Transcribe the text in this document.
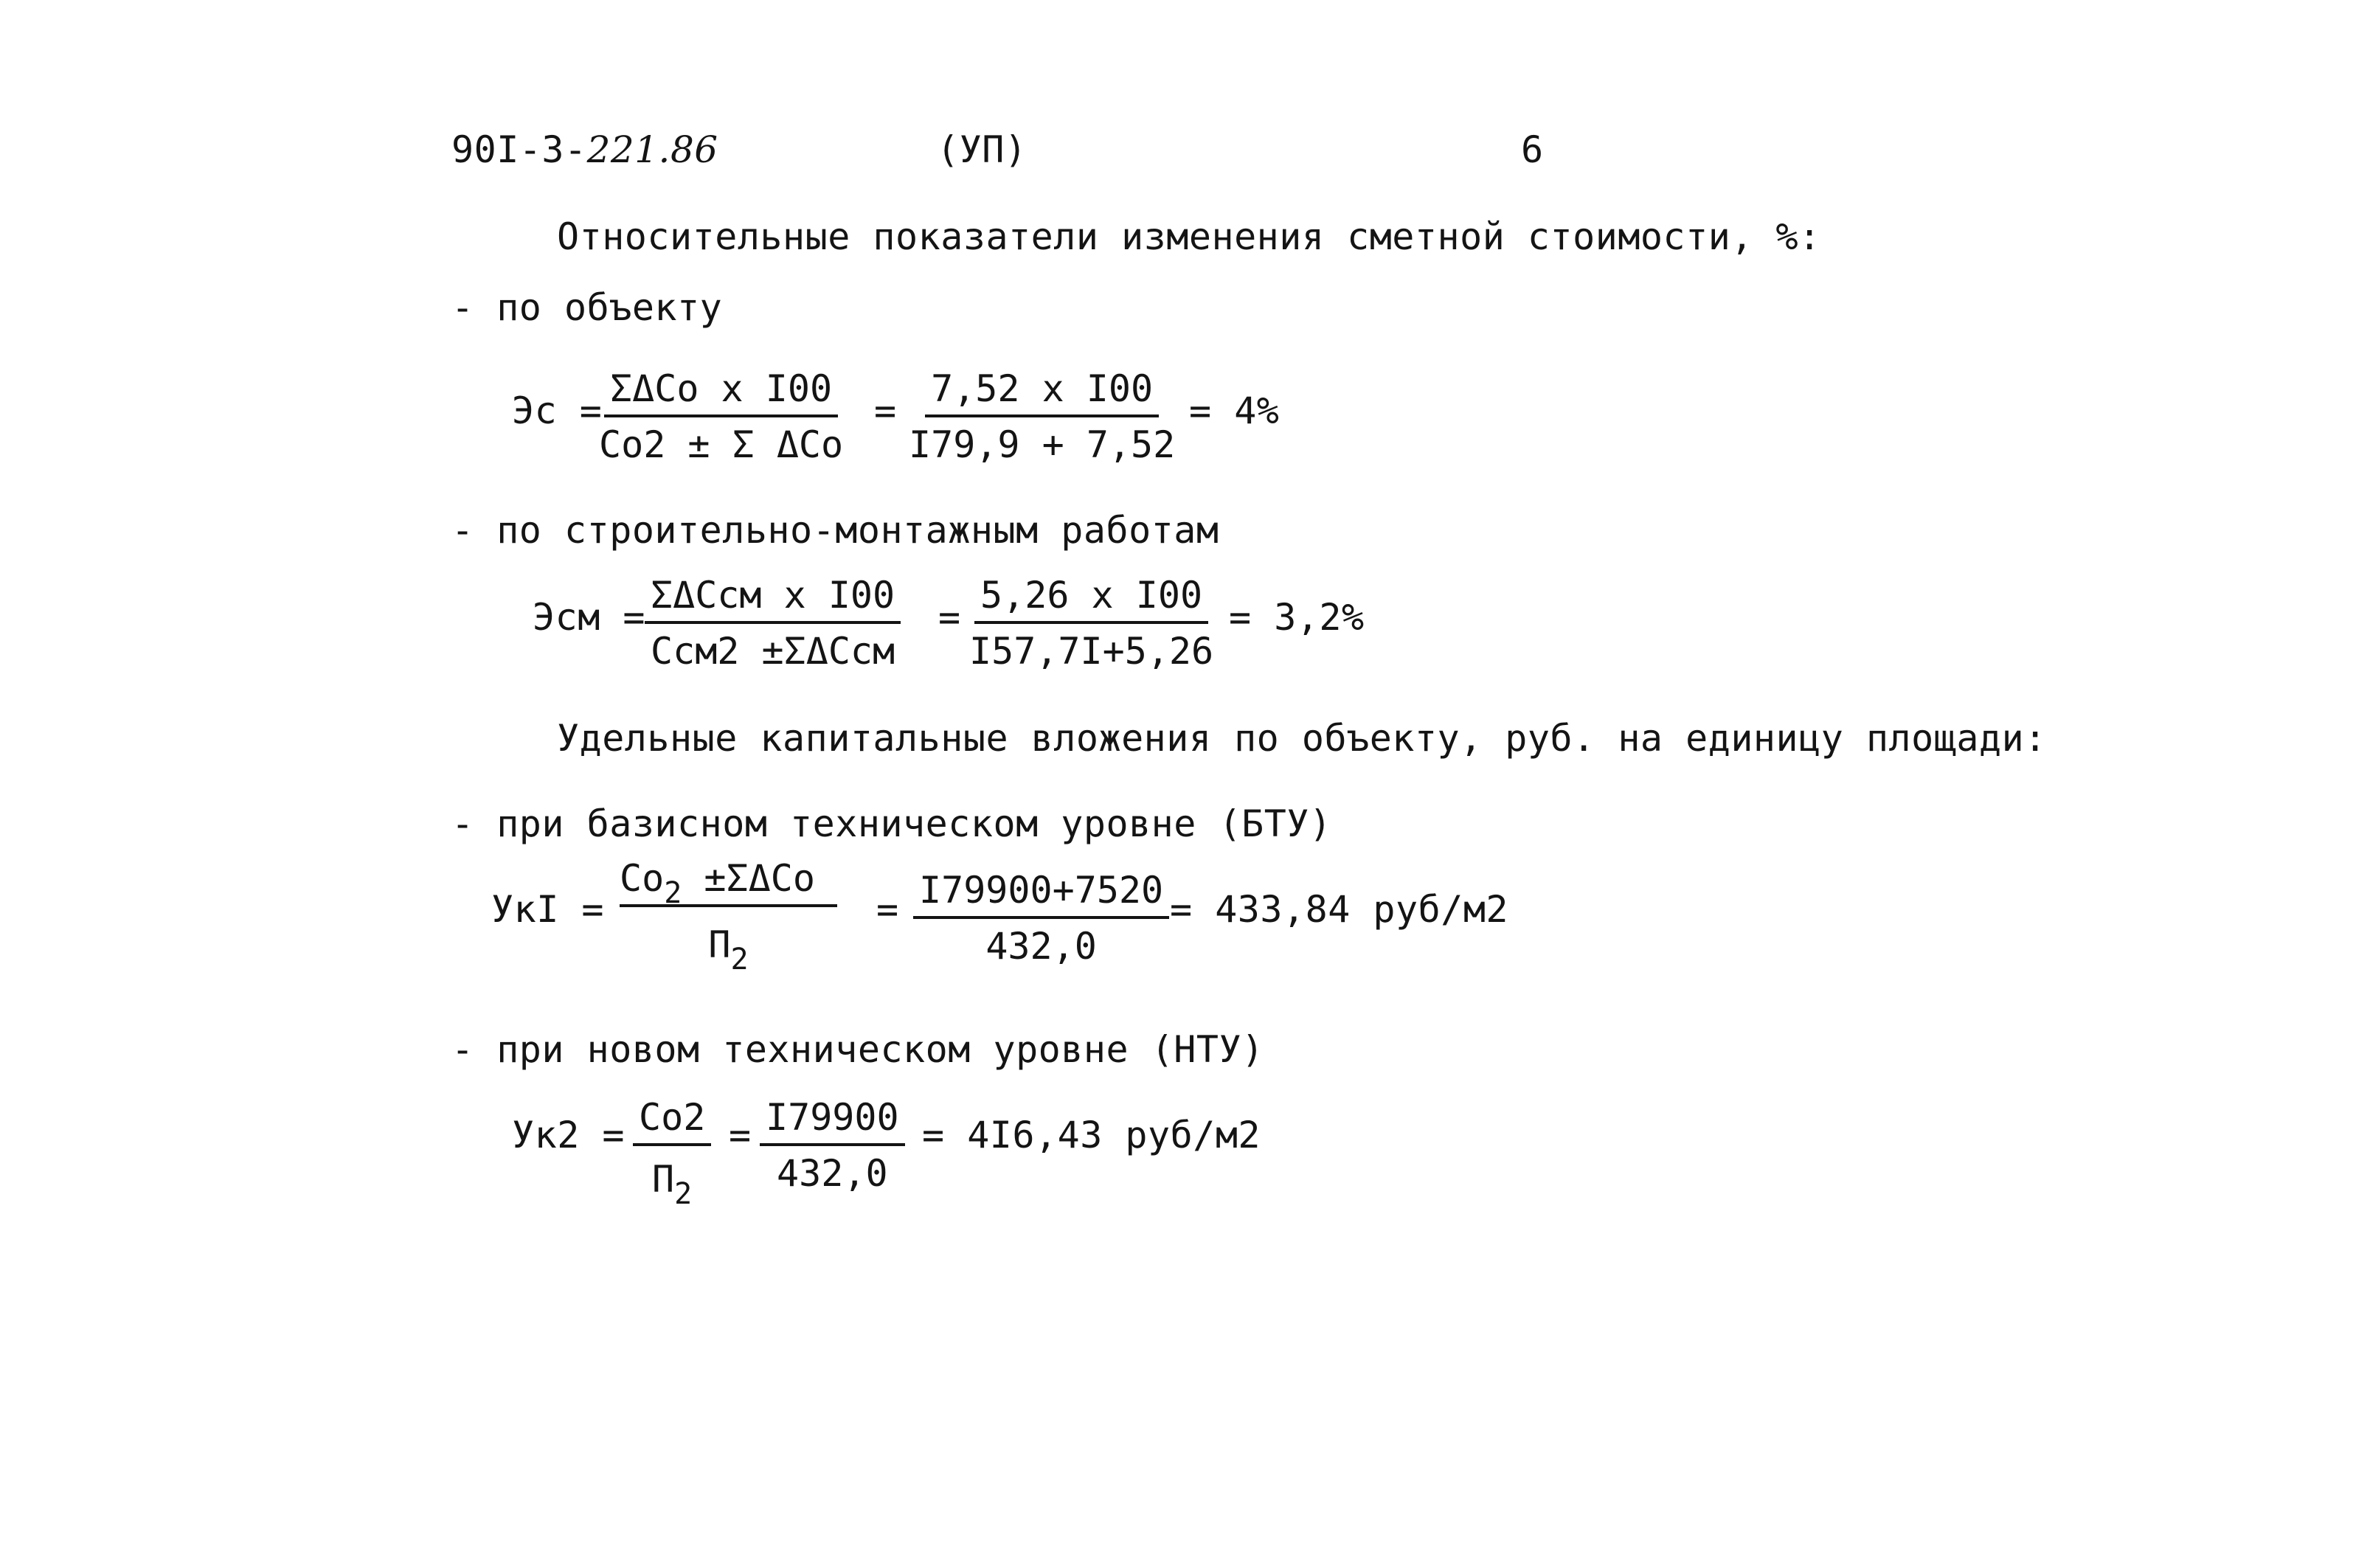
90I-3-221.86	(УП)	6
Относительные показатели изменения сметной стоимости, %:
- по объекту
Эс =
ΣΔCo x I00
Co2 ± Σ ΔCo
= $\frac{\text{7,52 x I00}}{I79,9 + 7,52} = 4\%$
- по строительно-монтажным работам
Эсм =
ΣΔCcм x I00
Ccм2 ±ΣΔCcм
= $\frac{\text{5,26 x I00}}{I57,7I+5,26} = 3,2\%$
Удельные капитальные вложения по объекту, руб. на единицу площади:
- при базисном техническом уровне (БТУ)
УкI =
$Co_2 \pm\Sigma\Delta Co$
$П_2$
= $\frac{I79900+7520}{432,0} = 433,84$ руб/м2
- при новом техническом уровне (НТУ)
Ук2 = Co2
$П_2$
= $\frac{I79900}{432,0} = 4I6,43$ руб/м2
